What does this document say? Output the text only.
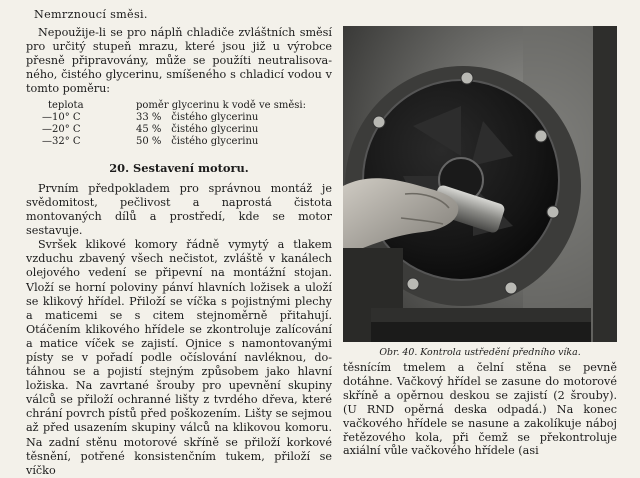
Nemrznoucí směsi.

Nepoužije-li se pro náplň chladiče zvláštních směsí pro určitý stupeň mrazu, které jsou již u výrobce přesně připravovány, může se použíti neutralisova- ného, čistého glycerinu, smíšeného s chladicí vodou v tomto poměru:

teplota	poměr glycerinu k vodě ve směsi:
—10° C	33 % čistého glycerinu
—20° C	45 % čistého glycerinu
—32° C	50 % čistého glycerinu
20. Sestavení motoru.

Prvním předpokladem pro správnou montáž je svědomitost, pečlivost a naprostá čistota montovaných dílů a prostředí, kde se motor sestavuje.

Svršek klikové komory řádně vymytý a tlakem vzduchu zbavený všech nečistot, zvláště v kanálech olejového vedení se připevní na montážní stojan. Vloží se horní poloviny pánví hlavních ložisek a uloží se klikový hřídel. Přiloží se víčka s pojistnými plechy a maticemi se s citem stejnoměrně přitahují. Otáčením klikového hřídele se zkontroluje zalícování a matice víček se zajistí. Ojnice s namontovanými písty se v pořadí podle očíslování navléknou, do- táhnou se a pojistí stejným způsobem jako hlavní ložiska. Na zavrtané šrouby pro upevnění skupiny válců se přiloží ochranné lišty z tvrdého dřeva, které chrání povrch pístů před poškozením. Lišty se sejmou až před usazením skupiny válců na klikovou komoru. Na zadní stěnu motorové skříně se přiloží korkové těsnění, potřené konsistenčním tukem, přiloží se víčko

Obr. 40. Kontrola ustředění předního víka.
těsnícím tmelem a čelní stěna se pevně dotáhne. Vačkový hřídel se zasune do motorové skříně a opěrnou deskou se zajistí (2 šrouby). (U RND opěrná deska odpadá.) Na konec vačkového hřídele se nasune a zakolíkuje náboj řetězového kola, při čemž se překontroluje axiální vůle vačkového hřídele (asi
